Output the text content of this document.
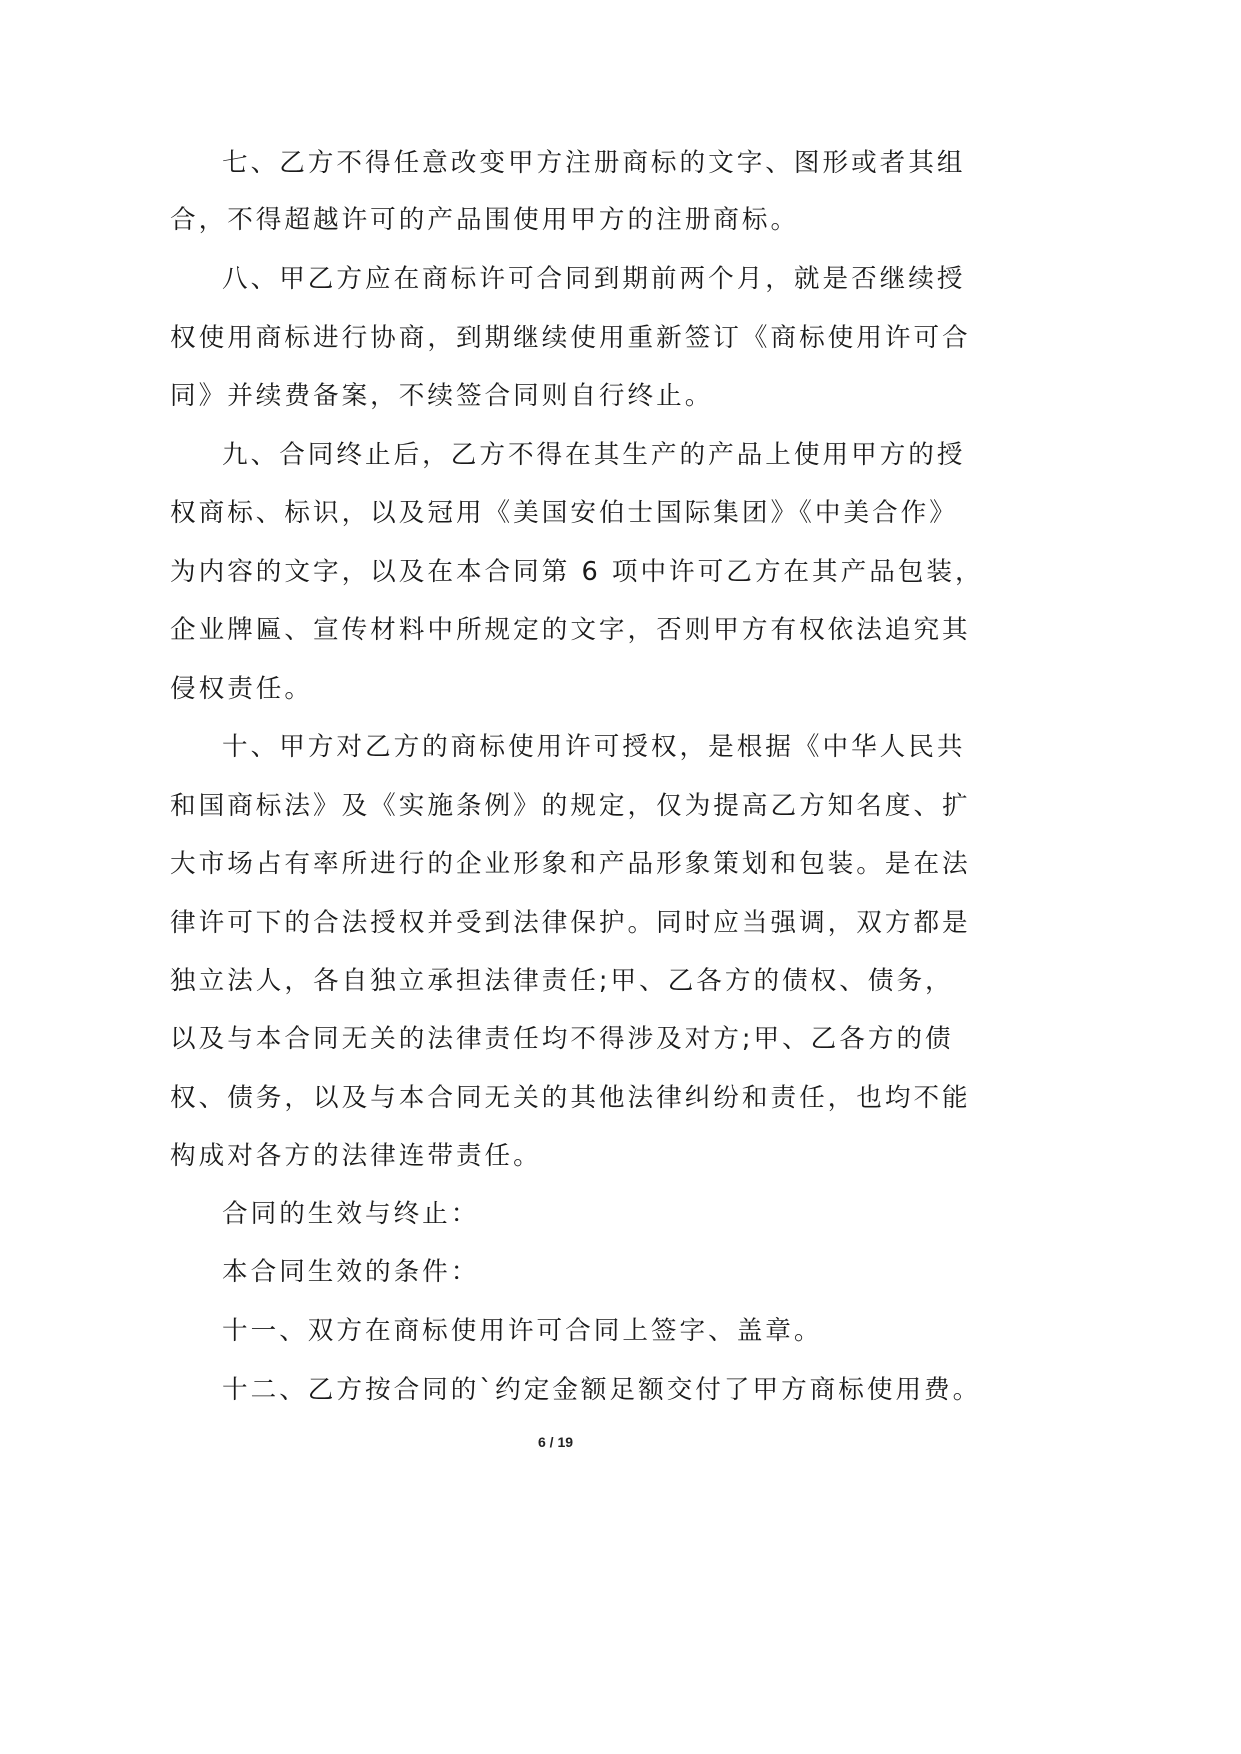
七、乙方不得任意改变甲方注册商标的文字、图形或者其组

合，不得超越许可的产品围使用甲方的注册商标。

八、甲乙方应在商标许可合同到期前两个月，就是否继续授

权使用商标进行协商，到期继续使用重新签订《商标使用许可合

同》并续费备案，不续签合同则自行终止。

九、合同终止后，乙方不得在其生产的产品上使用甲方的授

权商标、标识，以及冠用《美国安伯士国际集团》《中美合作》

为内容的文字，以及在本合同第 6 项中许可乙方在其产品包装，

企业牌匾、宣传材料中所规定的文字，否则甲方有权依法追究其

侵权责任。

十、甲方对乙方的商标使用许可授权，是根据《中华人民共

和国商标法》及《实施条例》的规定，仅为提高乙方知名度、扩

大市场占有率所进行的企业形象和产品形象策划和包装。是在法

律许可下的合法授权并受到法律保护。同时应当强调，双方都是

独立法人，各自独立承担法律责任;甲、乙各方的债权、债务，

以及与本合同无关的法律责任均不得涉及对方;甲、乙各方的债

权、债务，以及与本合同无关的其他法律纠纷和责任，也均不能

构成对各方的法律连带责任。

合同的生效与终止：

本合同生效的条件：

十一、双方在商标使用许可合同上签字、盖章。

十二、乙方按合同的`约定金额足额交付了甲方商标使用费。

6 / 19
